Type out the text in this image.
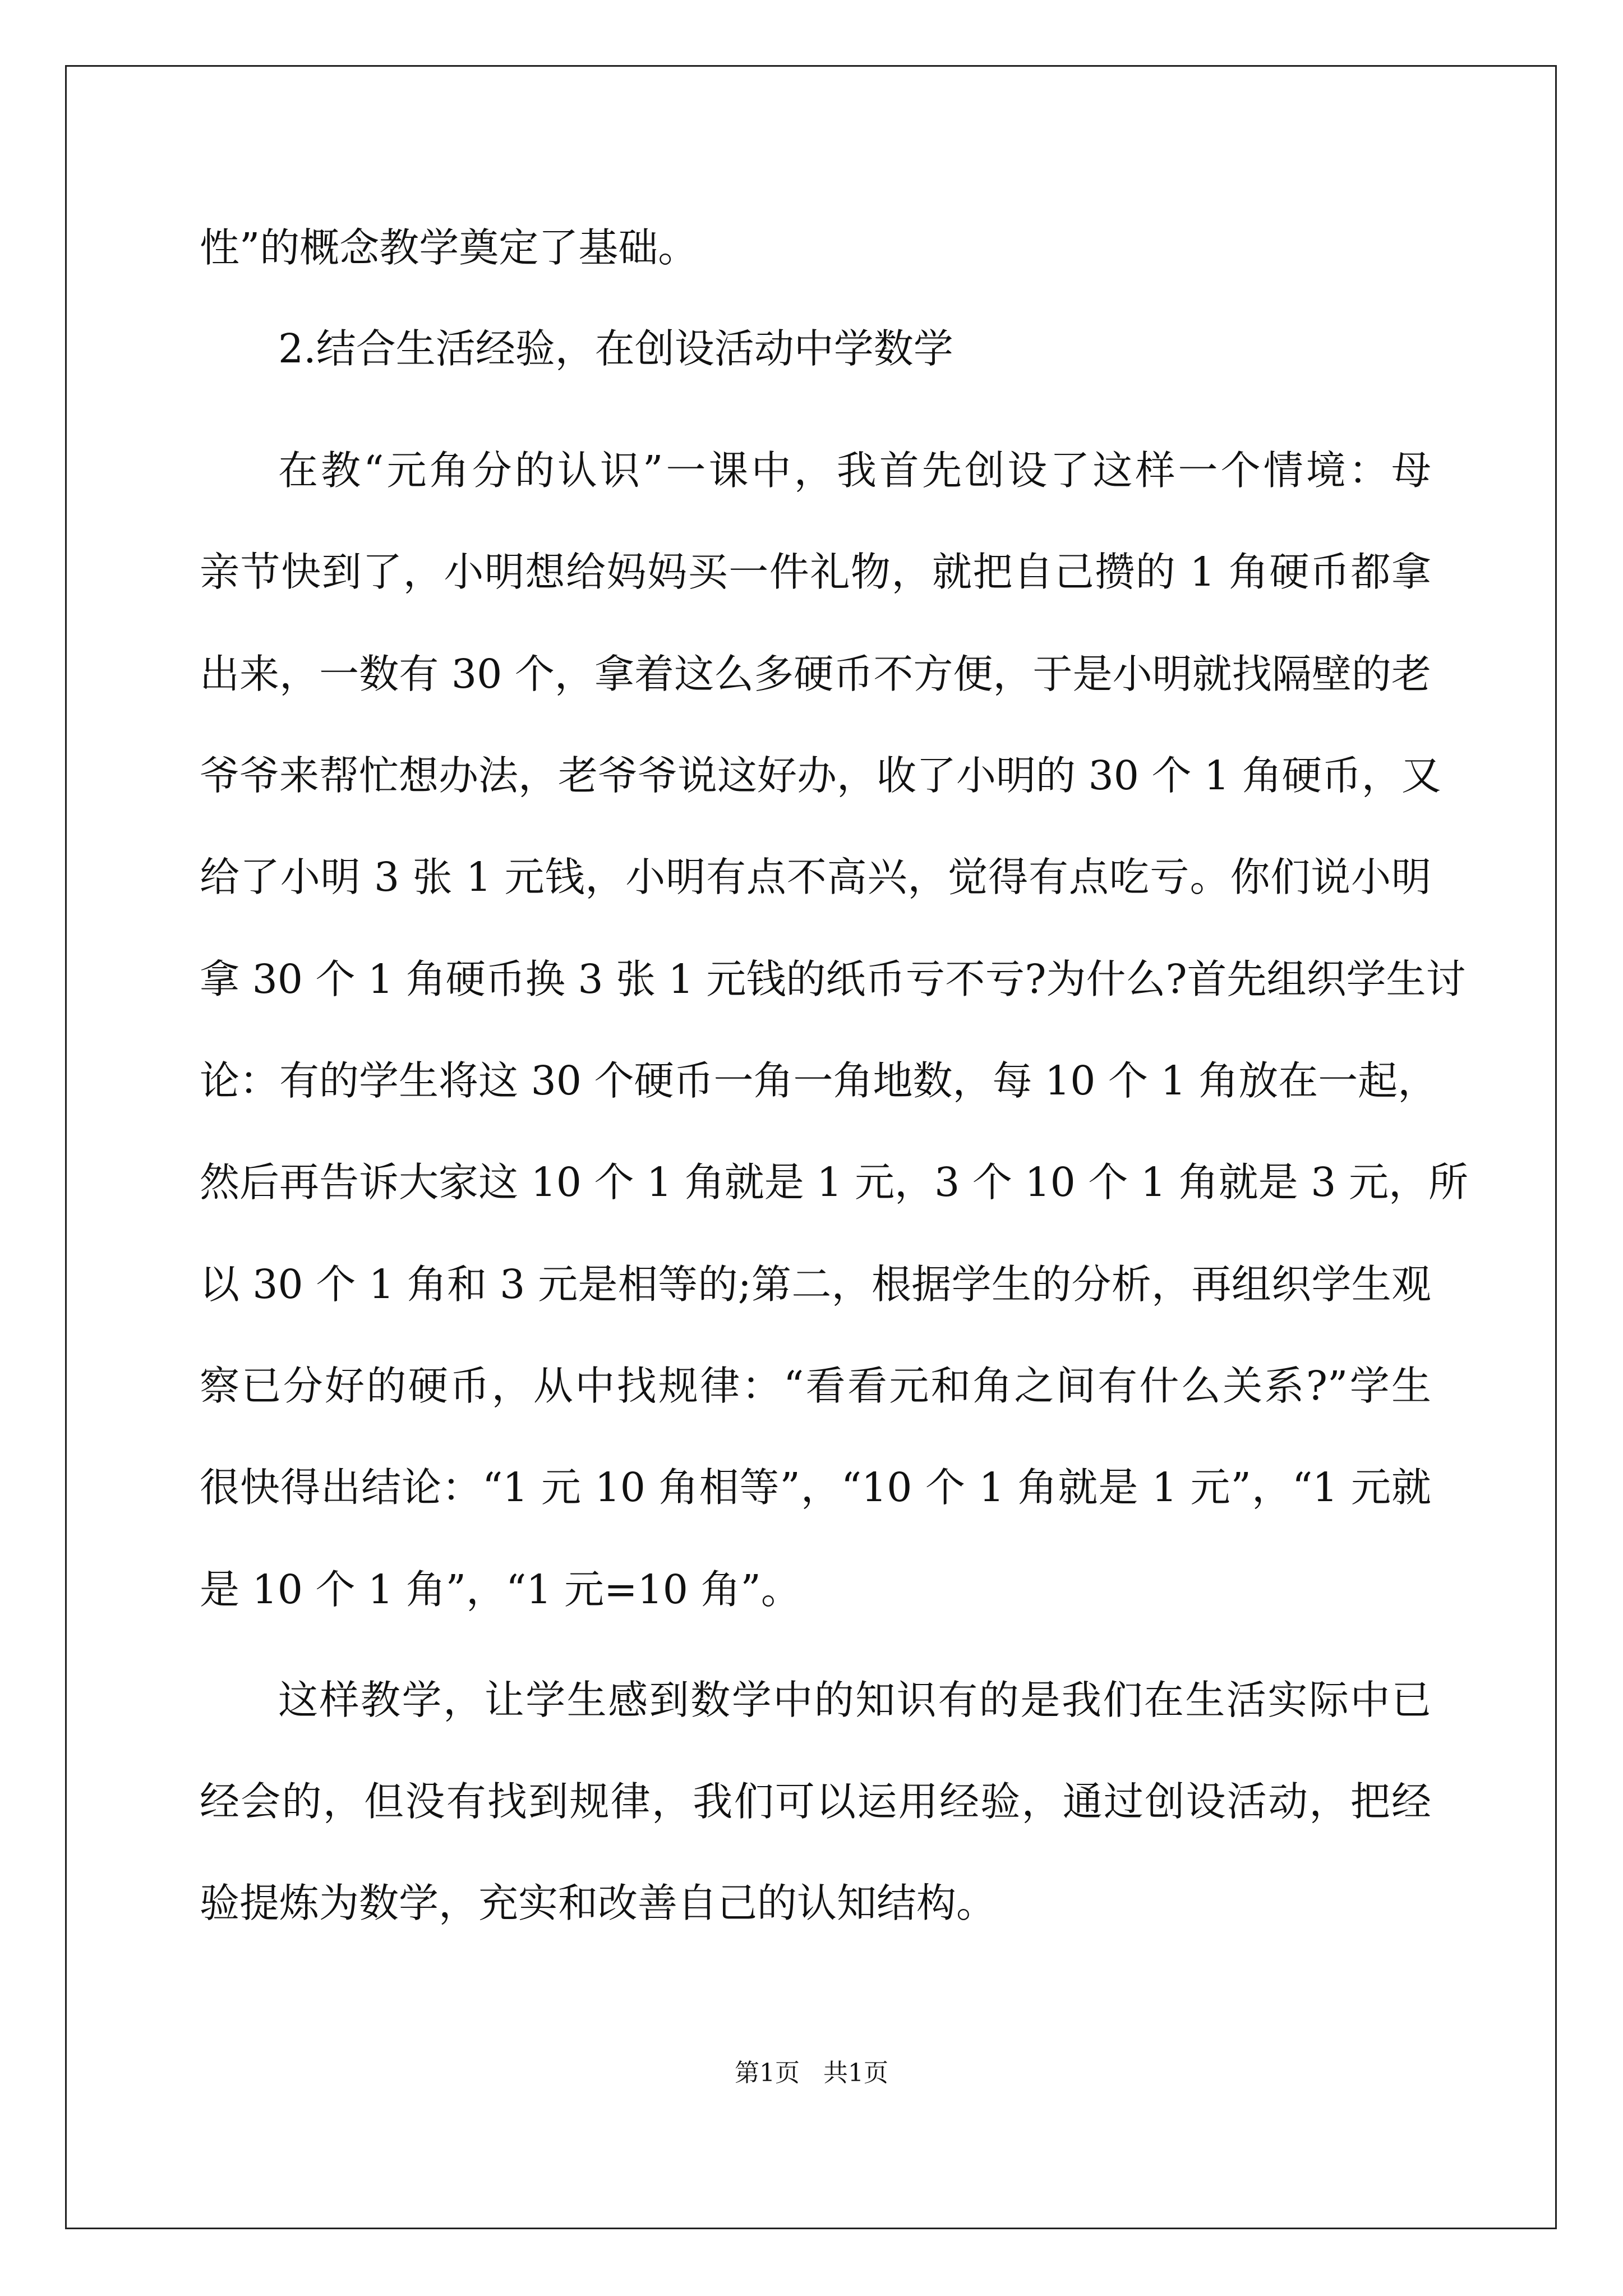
性”的概念教学奠定了基础。

2.结合生活经验，在创设活动中学数学

在教“元角分的认识”一课中，我首先创设了这样一个情境：母

亲节快到了，小明想给妈妈买一件礼物，就把自己攒的 1 角硬币都拿

出来，一数有 30 个，拿着这么多硬币不方便，于是小明就找隔壁的老

爷爷来帮忙想办法，老爷爷说这好办，收了小明的 30 个 1 角硬币，又

给了小明 3 张 1 元钱，小明有点不高兴，觉得有点吃亏。你们说小明

拿 30 个 1 角硬币换 3 张 1 元钱的纸币亏不亏?为什么?首先组织学生讨

论：有的学生将这 30 个硬币一角一角地数，每 10 个 1 角放在一起，

然后再告诉大家这 10 个 1 角就是 1 元，3 个 10 个 1 角就是 3 元，所

以 30 个 1 角和 3 元是相等的;第二，根据学生的分析，再组织学生观

察已分好的硬币，从中找规律：“看看元和角之间有什么关系?”学生

很快得出结论：“1 元 10 角相等”，“10 个 1 角就是 1 元”，“1 元就

是 10 个 1 角”，“1 元=10 角”。

这样教学，让学生感到数学中的知识有的是我们在生活实际中已

经会的，但没有找到规律，我们可以运用经验，通过创设活动，把经

验提炼为数学，充实和改善自己的认知结构。

第1页   共1页
